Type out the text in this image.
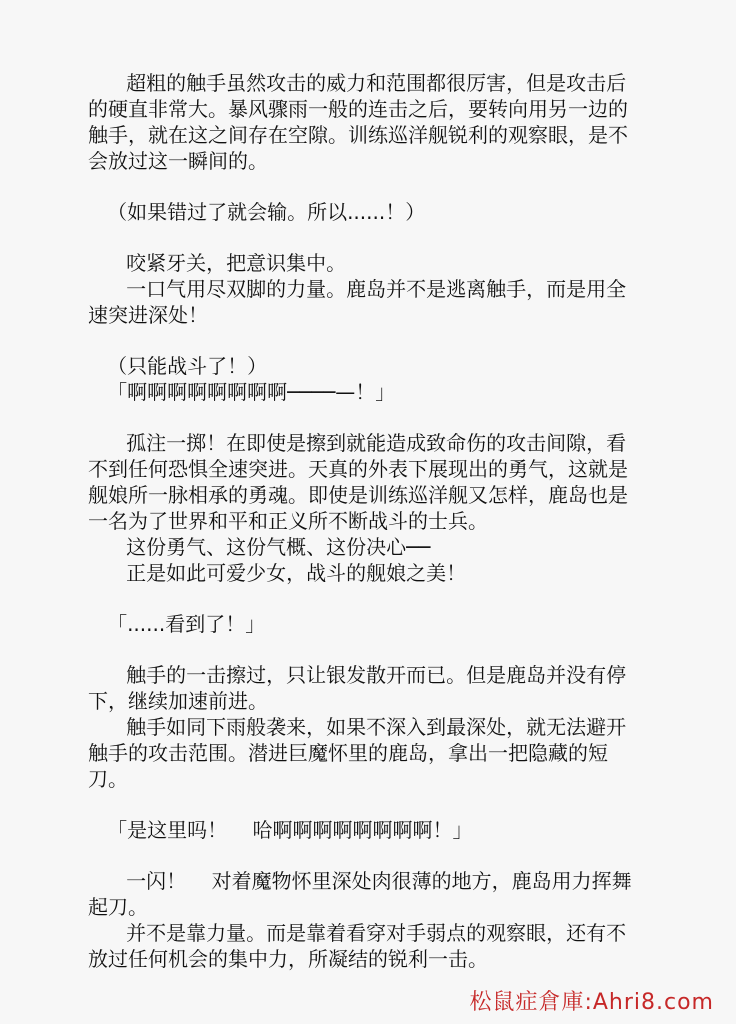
超粗的触手虽然攻击的威力和范围都很厉害，但是攻击后的硬直非常大。暴风骤雨一般的连击之后，要转向用另一边的触手，就在这之间存在空隙。训练巡洋舰锐利的观察眼，是不会放过这一瞬间的。

（如果错过了就会输。所以......！）

咬紧牙关，把意识集中。

一口气用尽双脚的力量。鹿岛并不是逃离触手，而是用全速突进深处！

（只能战斗了！）

「啊啊啊啊啊啊啊啊────—！」

孤注一掷！在即使是擦到就能造成致命伤的攻击间隙，看不到任何恐惧全速突进。天真的外表下展现出的勇气，这就是舰娘所一脉相承的勇魂。即使是训练巡洋舰又怎样，鹿岛也是一名为了世界和平和正义所不断战斗的士兵。

这份勇气、这份气概、这份决心──

正是如此可爱少女，战斗的舰娘之美！

「......看到了！」

触手的一击擦过，只让银发散开而已。但是鹿岛并没有停下，继续加速前进。

触手如同下雨般袭来，如果不深入到最深处，就无法避开触手的攻击范围。潜进巨魔怀里的鹿岛，拿出一把隐藏的短刀。

「是这里吗！    哈啊啊啊啊啊啊啊啊！」

一闪！    对着魔物怀里深处肉很薄的地方，鹿岛用力挥舞起刀。

并不是靠力量。而是靠着看穿对手弱点的观察眼，还有不放过任何机会的集中力，所凝结的锐利一击。

松鼠症倉庫:Ahri8.com
